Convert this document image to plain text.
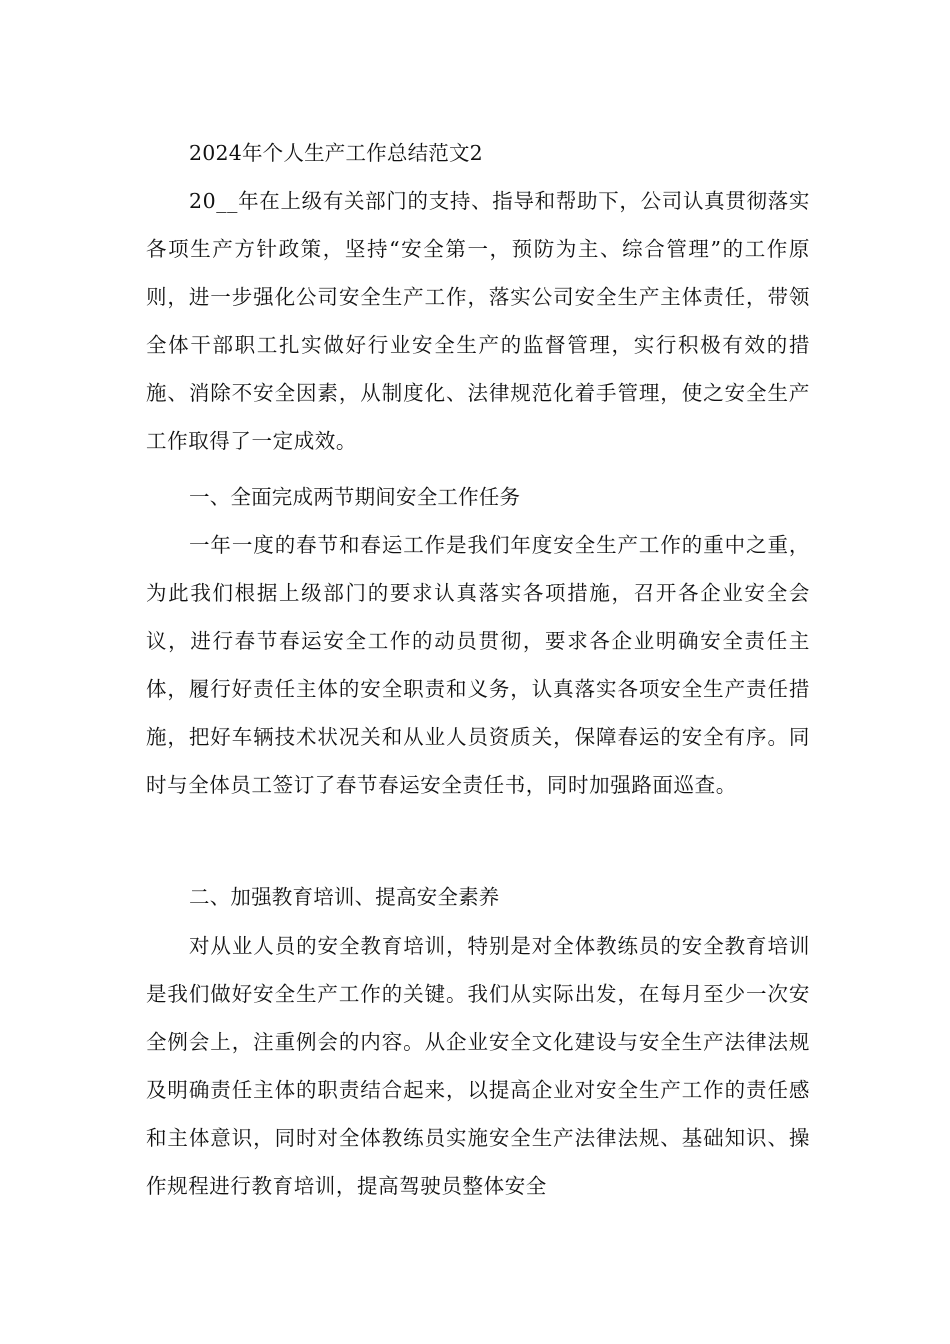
2024年个人生产工作总结范文2

20__年在上级有关部门的支持、指导和帮助下，公司认真贯彻落实各项生产方针政策，坚持“安全第一，预防为主、综合管理”的工作原则，进一步强化公司安全生产工作，落实公司安全生产主体责任，带领全体干部职工扎实做好行业安全生产的监督管理，实行积极有效的措施、消除不安全因素，从制度化、法律规范化着手管理，使之安全生产工作取得了一定成效。

一、全面完成两节期间安全工作任务

一年一度的春节和春运工作是我们年度安全生产工作的重中之重，为此我们根据上级部门的要求认真落实各项措施，召开各企业安全会议，进行春节春运安全工作的动员贯彻，要求各企业明确安全责任主体，履行好责任主体的安全职责和义务，认真落实各项安全生产责任措施，把好车辆技术状况关和从业人员资质关，保障春运的安全有序。同时与全体员工签订了春节春运安全责任书，同时加强路面巡查。

二、加强教育培训、提高安全素养

对从业人员的安全教育培训，特别是对全体教练员的安全教育培训是我们做好安全生产工作的关键。我们从实际出发，在每月至少一次安全例会上，注重例会的内容。从企业安全文化建设与安全生产法律法规及明确责任主体的职责结合起来，以提高企业对安全生产工作的责任感和主体意识，同时对全体教练员实施安全生产法律法规、基础知识、操作规程进行教育培训，提高驾驶员整体安全
